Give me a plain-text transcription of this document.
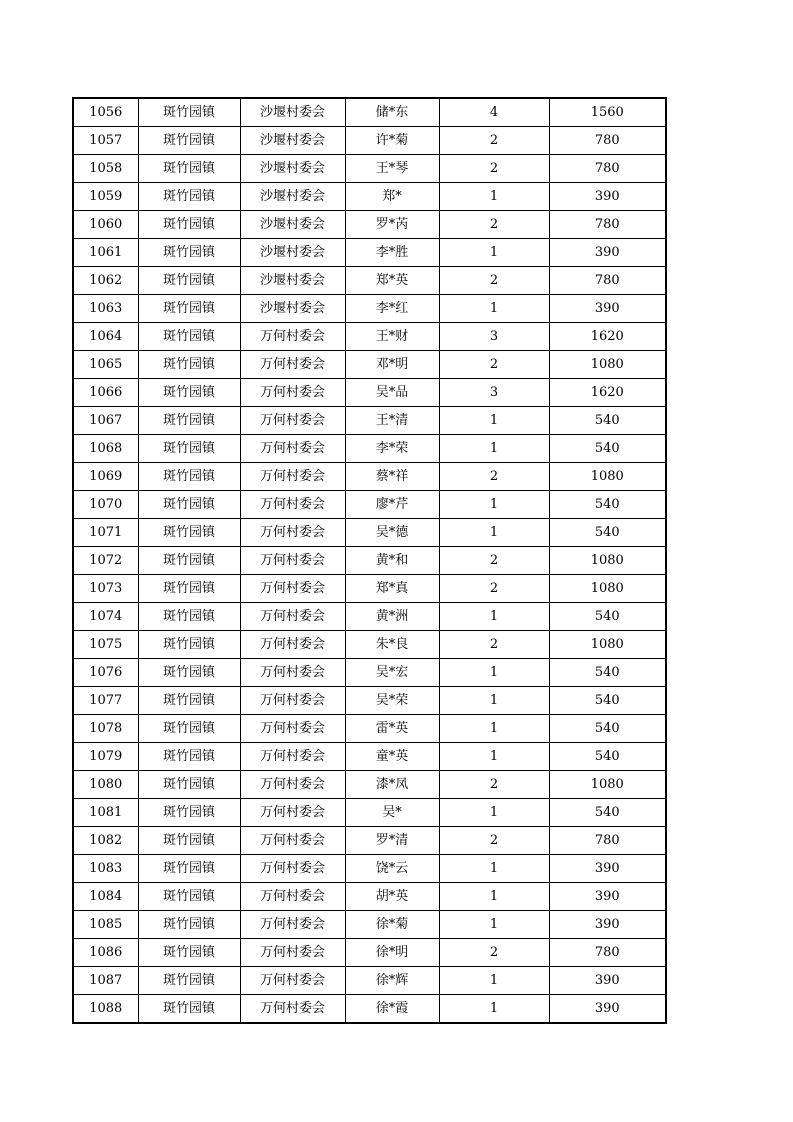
1056	斑竹园镇	沙堰村委会	储*东	4	1560
1057	斑竹园镇	沙堰村委会	许*菊	2	780
1058	斑竹园镇	沙堰村委会	王*琴	2	780
1059	斑竹园镇	沙堰村委会	郑*	1	390
1060	斑竹园镇	沙堰村委会	罗*芮	2	780
1061	斑竹园镇	沙堰村委会	李*胜	1	390
1062	斑竹园镇	沙堰村委会	郑*英	2	780
1063	斑竹园镇	沙堰村委会	李*红	1	390
1064	斑竹园镇	万何村委会	王*财	3	1620
1065	斑竹园镇	万何村委会	邓*明	2	1080
1066	斑竹园镇	万何村委会	吴*品	3	1620
1067	斑竹园镇	万何村委会	王*清	1	540
1068	斑竹园镇	万何村委会	李*荣	1	540
1069	斑竹园镇	万何村委会	蔡*祥	2	1080
1070	斑竹园镇	万何村委会	廖*芹	1	540
1071	斑竹园镇	万何村委会	吴*德	1	540
1072	斑竹园镇	万何村委会	黄*和	2	1080
1073	斑竹园镇	万何村委会	郑*真	2	1080
1074	斑竹园镇	万何村委会	黄*洲	1	540
1075	斑竹园镇	万何村委会	朱*良	2	1080
1076	斑竹园镇	万何村委会	吴*宏	1	540
1077	斑竹园镇	万何村委会	吴*荣	1	540
1078	斑竹园镇	万何村委会	雷*英	1	540
1079	斑竹园镇	万何村委会	童*英	1	540
1080	斑竹园镇	万何村委会	漆*凤	2	1080
1081	斑竹园镇	万何村委会	吴*	1	540
1082	斑竹园镇	万何村委会	罗*清	2	780
1083	斑竹园镇	万何村委会	饶*云	1	390
1084	斑竹园镇	万何村委会	胡*英	1	390
1085	斑竹园镇	万何村委会	徐*菊	1	390
1086	斑竹园镇	万何村委会	徐*明	2	780
1087	斑竹园镇	万何村委会	徐*辉	1	390
1088	斑竹园镇	万何村委会	徐*霞	1	390
